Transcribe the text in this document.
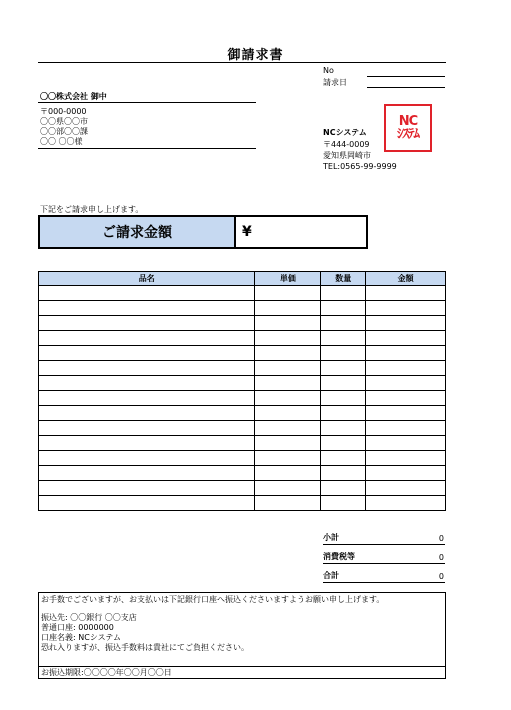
御請求書
No
請求日
〇〇株式会社 御中
〒000-0000
〇〇県〇〇市
〇〇部〇〇課
〇〇 〇〇様
NC
ｼｽﾃﾑ
NCシステム
〒444-0009
愛知県岡崎市
TEL:0565-99-9999
下記をご請求申し上げます。
ご請求金額	¥
品名	単価	数量	金額

小計	0
消費税等	0
合計	0
お手数でございますが、お支払いは下記銀行口座へ振込くださいますようお願い申し上げます。
振込先: 〇〇銀行 〇〇支店
普通口座: 0000000
口座名義: NCシステム
恐れ入りますが、振込手数料は貴社にてご負担ください。
お振込期限:〇〇〇〇年〇〇月〇〇日
